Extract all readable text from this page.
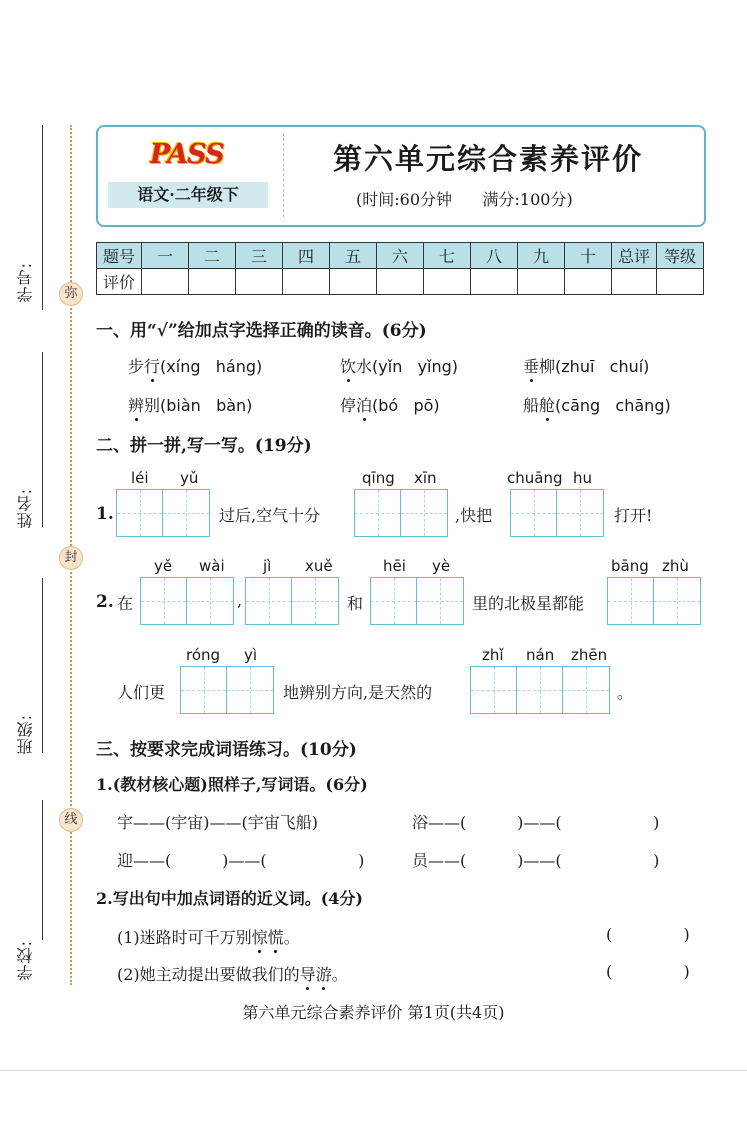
学号:
姓名:
班级:
学校:
弥
封
线
PASS
语文·二年级下
第六单元综合素养评价
(时间:60分钟      满分:100分)
题号	一	二	三	四	五	六	七	八	九	十	总评	等级
评价												
一、用“√”给加点字选择正确的读音。(6分)
步行(xíng   háng)	饮水(yǐn   yǐng)	垂柳(zhuī   chuí)
辨别(biàn   bàn)	停泊(bó   pō)	船舱(cāng   chāng)
二、拼一拼,写一写。(19分)
léi yǔ	qīng xīn	chuāng hu
1.	过后,空气十分	,快把	打开!
yě wài	jì xuě	hēi yè	bāng zhù
2. 在	,	和	里的北极星都能
róng yì	zhǐ nán zhēn
人们更	地辨别方向,是天然的	。
三、按要求完成词语练习。(10分)
1.(教材核心题)照样子,写词语。(6分)
宇——(宇宙)——(宇宙飞船)	浴——(          )——(                  )
迎——(          )——(                  )	员——(          )——(                  )
2.写出句中加点词语的近义词。(4分)
(1)迷路时可千万别惊慌。	(              )
(2)她主动提出要做我们的导游。	(              )
第六单元综合素养评价 第1页(共4页)
